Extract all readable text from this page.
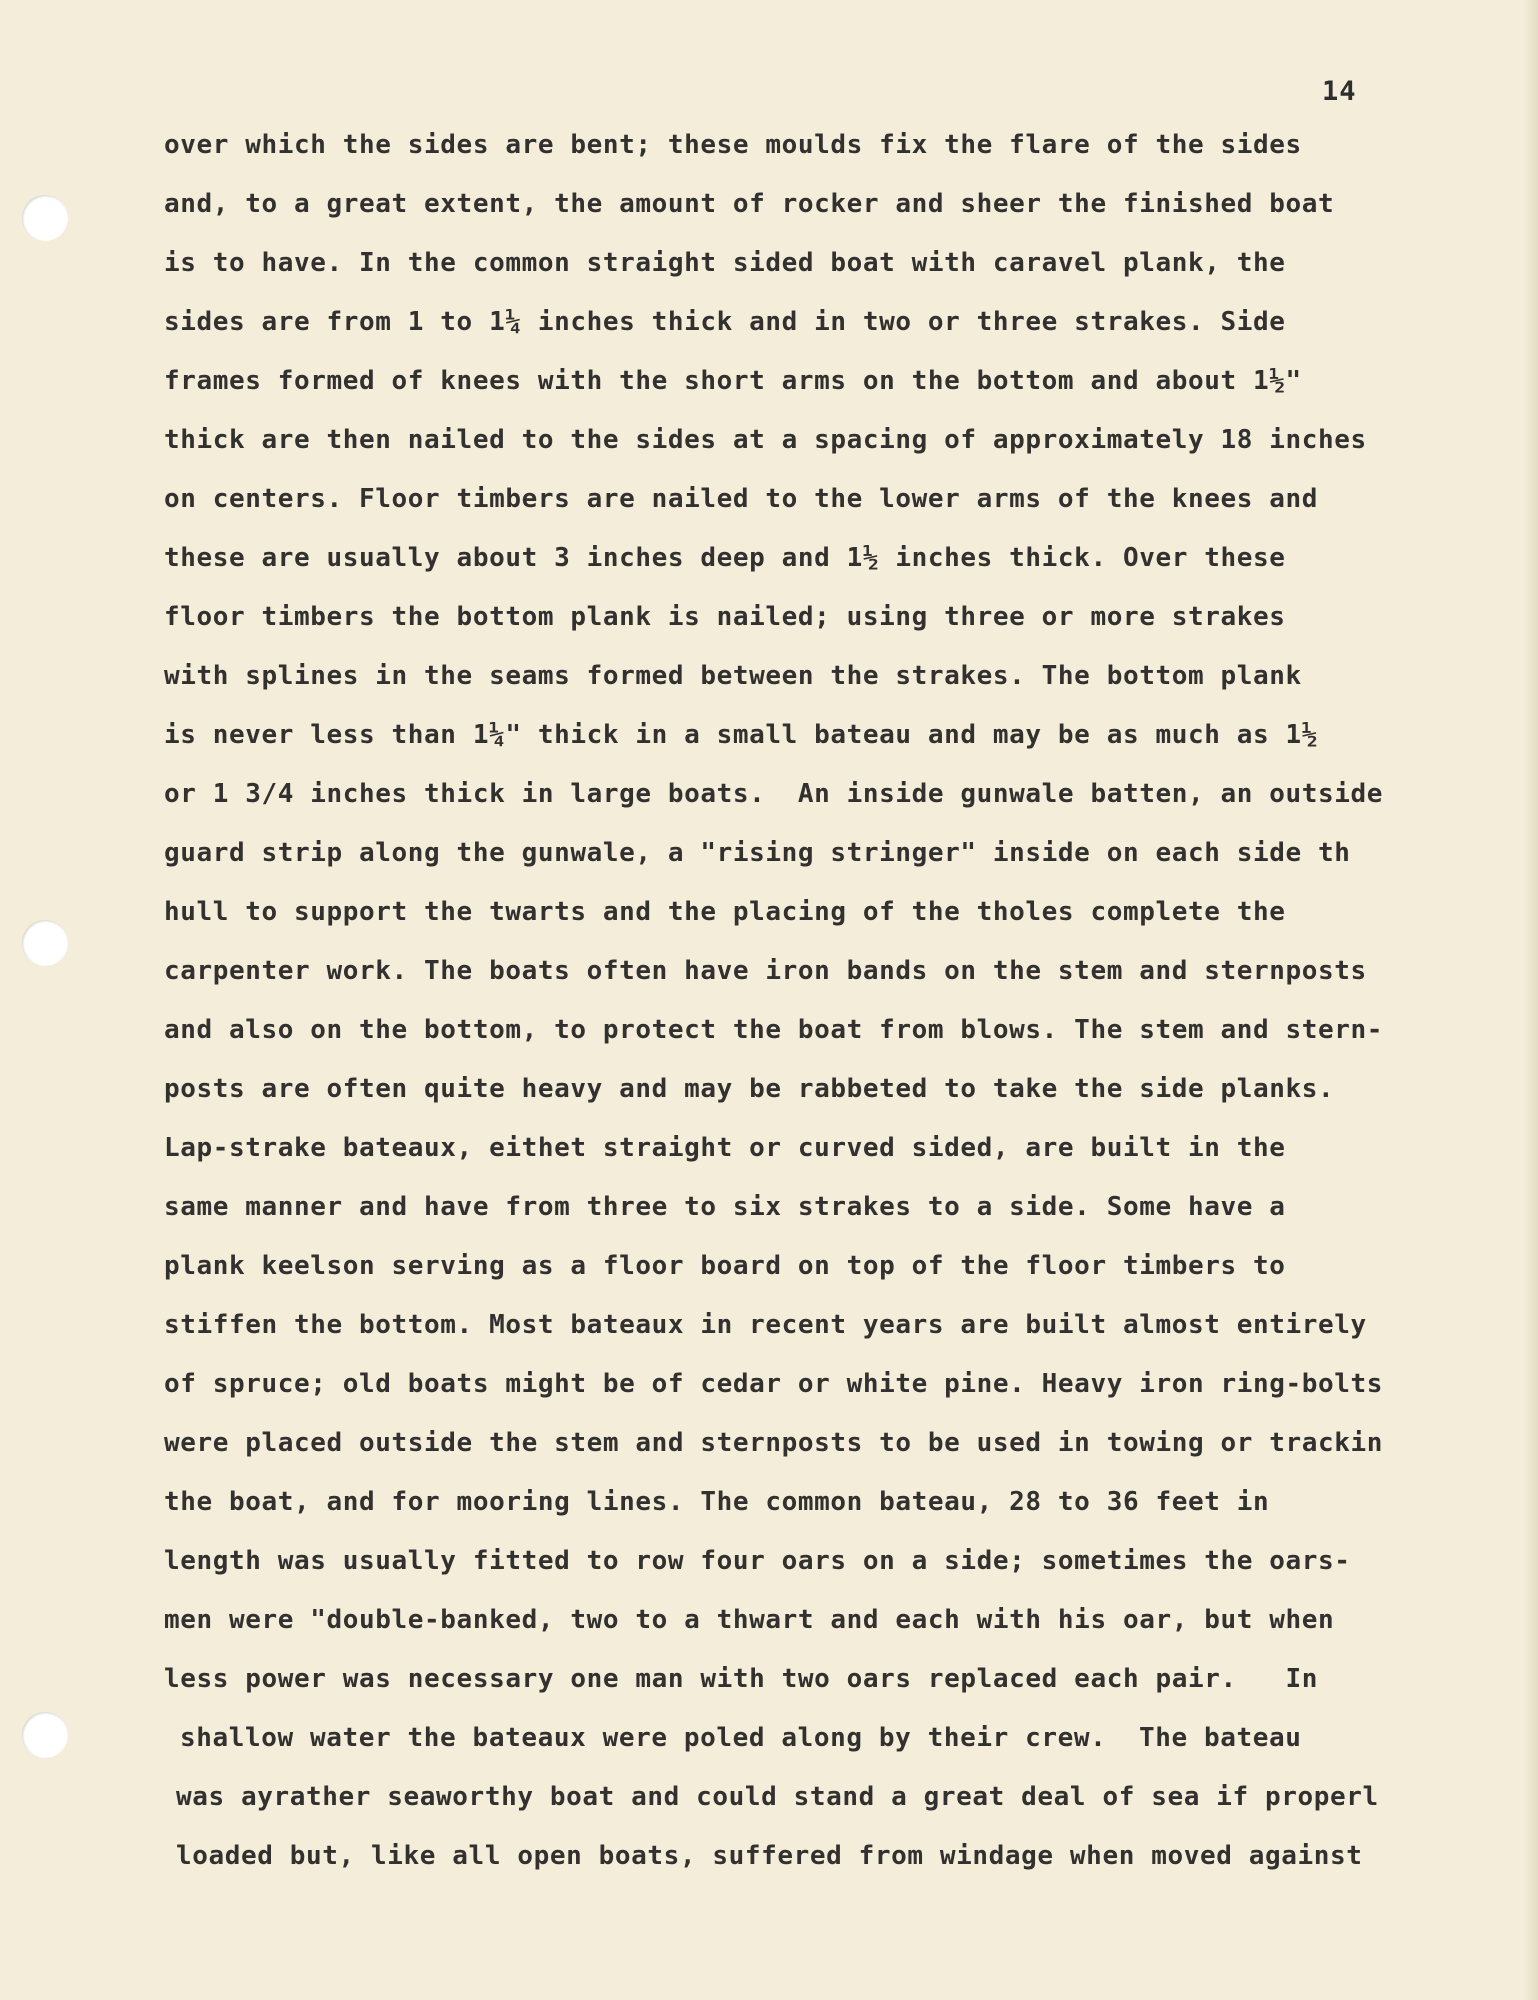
14
over which the sides are bent; these moulds fix the flare of the sides
and, to a great extent, the amount of rocker and sheer the finished boat
is to have. In the common straight sided boat with caravel plank, the
sides are from 1 to 1¼ inches thick and in two or three strakes. Side
frames formed of knees with the short arms on the bottom and about 1½"
thick are then nailed to the sides at a spacing of approximately 18 inches
on centers. Floor timbers are nailed to the lower arms of the knees and
these are usually about 3 inches deep and 1½ inches thick. Over these
floor timbers the bottom plank is nailed; using three or more strakes
with splines in the seams formed between the strakes. The bottom plank
is never less than 1¼" thick in a small bateau and may be as much as 1½
or 1 3/4 inches thick in large boats.  An inside gunwale batten, an outside
guard strip along the gunwale, a "rising stringer" inside on each side th
hull to support the twarts and the placing of the tholes complete the
carpenter work. The boats often have iron bands on the stem and sternposts
and also on the bottom, to protect the boat from blows. The stem and stern-
posts are often quite heavy and may be rabbeted to take the side planks.
Lap-strake bateaux, eithet straight or curved sided, are built in the
same manner and have from three to six strakes to a side. Some have a
plank keelson serving as a floor board on top of the floor timbers to
stiffen the bottom. Most bateaux in recent years are built almost entirely
of spruce; old boats might be of cedar or white pine. Heavy iron ring-bolts
were placed outside the stem and sternposts to be used in towing or trackin
the boat, and for mooring lines. The common bateau, 28 to 36 feet in
length was usually fitted to row four oars on a side; sometimes the oars-
men were "double-banked, two to a thwart and each with his oar, but when
less power was necessary one man with two oars replaced each pair.   In
shallow water the bateaux were poled along by their crew.  The bateau
was ayrather seaworthy boat and could stand a great deal of sea if properl
loaded but, like all open boats, suffered from windage when moved against
